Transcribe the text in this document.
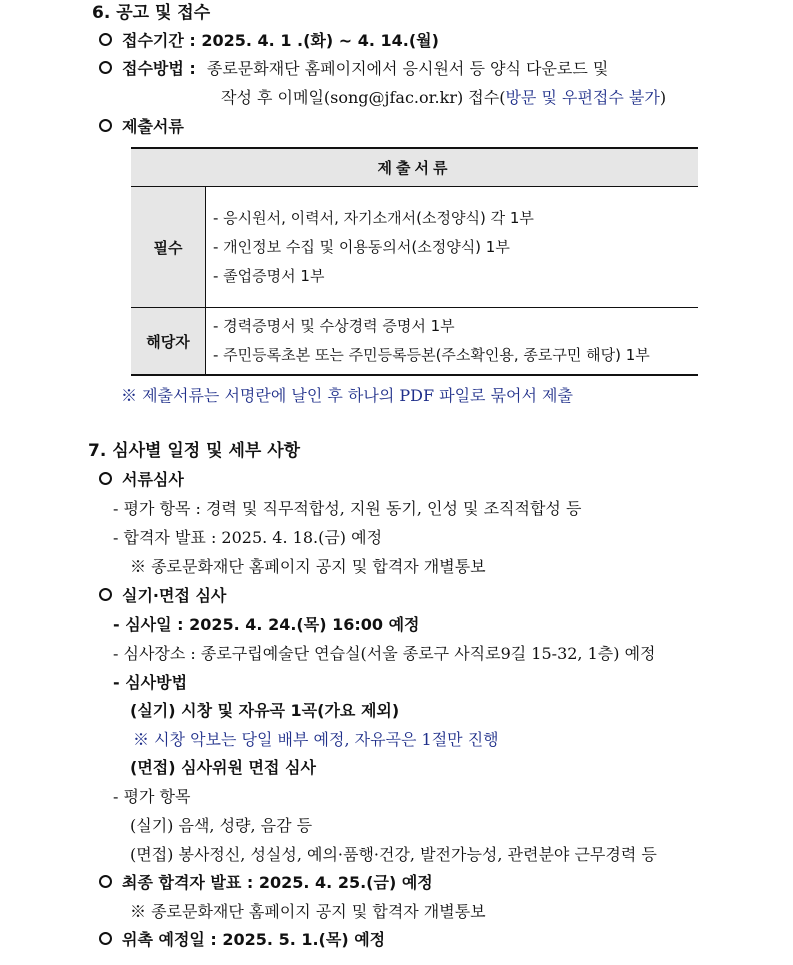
6. 공고 및 접수
접수기간 : 2025. 4. 1 .(화) ~ 4. 14.(월)
접수방법 : 종로문화재단 홈페이지에서 응시원서 등 양식 다운로드 및
작성 후 이메일(song@jfac.or.kr) 접수(방문 및 우편접수 불가)
제출서류
제출서류	
필수	- 응시원서, 이력서, 자기소개서(소정양식) 각 1부
- 개인정보 수집 및 이용동의서(소정양식) 1부
- 졸업증명서 1부

해당자	- 경력증명서 및 수상경력 증명서 1부
- 주민등록초본 또는 주민등록등본(주소확인용, 종로구민 해당) 1부
※ 제출서류는 서명란에 날인 후 하나의 PDF 파일로 묶어서 제출
7. 심사별 일정 및 세부 사항
서류심사
- 평가 항목 : 경력 및 직무적합성, 지원 동기, 인성 및 조직적합성 등
- 합격자 발표 : 2025. 4. 18.(금) 예정
※ 종로문화재단 홈페이지 공지 및 합격자 개별통보
실기·면접 심사
- 심사일 : 2025. 4. 24.(목) 16:00 예정
- 심사장소 : 종로구립예술단 연습실(서울 종로구 사직로9길 15-32, 1층) 예정
- 심사방법
(실기) 시창 및 자유곡 1곡(가요 제외)
※ 시창 악보는 당일 배부 예정, 자유곡은 1절만 진행
(면접) 심사위원 면접 심사
- 평가 항목
(실기) 음색, 성량, 음감 등
(면접) 봉사정신, 성실성, 예의·품행·건강, 발전가능성, 관련분야 근무경력 등
최종 합격자 발표 : 2025. 4. 25.(금) 예정
※ 종로문화재단 홈페이지 공지 및 합격자 개별통보
위촉 예정일 : 2025. 5. 1.(목) 예정
